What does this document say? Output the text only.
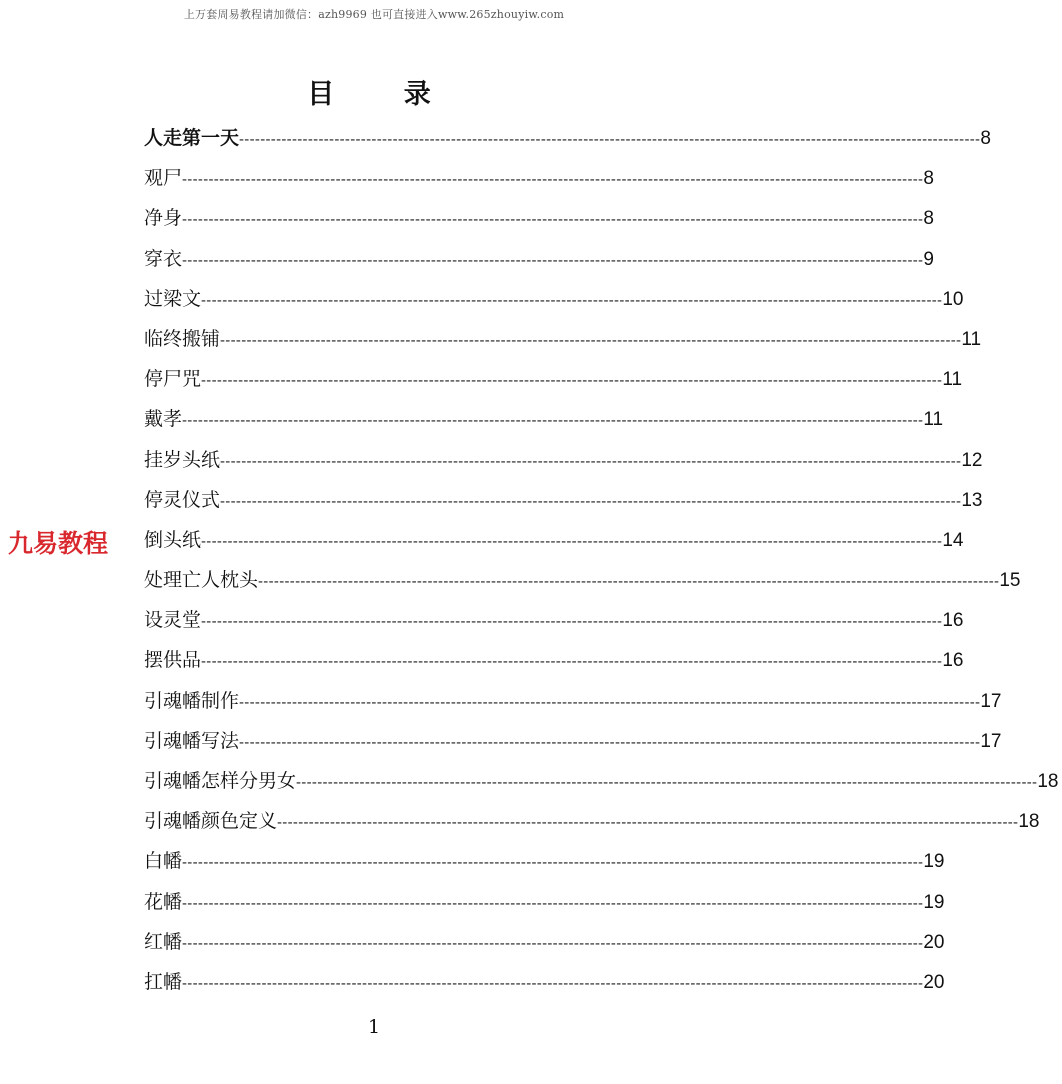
上万套周易教程请加微信：azh9969 也可直接进入www.265zhouyiw.com
目 录
九易教程
人走第一天 -------------------------------------------------------------------------------------------------------------------------------------------- 8
观尸 -------------------------------------------------------------------------------------------------------------------------------------------- 8
净身 -------------------------------------------------------------------------------------------------------------------------------------------- 8
穿衣 -------------------------------------------------------------------------------------------------------------------------------------------- 9
过梁文 -------------------------------------------------------------------------------------------------------------------------------------------- 10
临终搬铺 -------------------------------------------------------------------------------------------------------------------------------------------- 11
停尸咒 -------------------------------------------------------------------------------------------------------------------------------------------- 11
戴孝 -------------------------------------------------------------------------------------------------------------------------------------------- 11
挂岁头纸 -------------------------------------------------------------------------------------------------------------------------------------------- 12
停灵仪式 -------------------------------------------------------------------------------------------------------------------------------------------- 13
倒头纸 -------------------------------------------------------------------------------------------------------------------------------------------- 14
处理亡人枕头 -------------------------------------------------------------------------------------------------------------------------------------------- 15
设灵堂 -------------------------------------------------------------------------------------------------------------------------------------------- 16
摆供品 -------------------------------------------------------------------------------------------------------------------------------------------- 16
引魂幡制作 -------------------------------------------------------------------------------------------------------------------------------------------- 17
引魂幡写法 -------------------------------------------------------------------------------------------------------------------------------------------- 17
引魂幡怎样分男女 -------------------------------------------------------------------------------------------------------------------------------------------- 18
引魂幡颜色定义 -------------------------------------------------------------------------------------------------------------------------------------------- 18
白幡 -------------------------------------------------------------------------------------------------------------------------------------------- 19
花幡 -------------------------------------------------------------------------------------------------------------------------------------------- 19
红幡 -------------------------------------------------------------------------------------------------------------------------------------------- 20
扛幡 -------------------------------------------------------------------------------------------------------------------------------------------- 20
1
